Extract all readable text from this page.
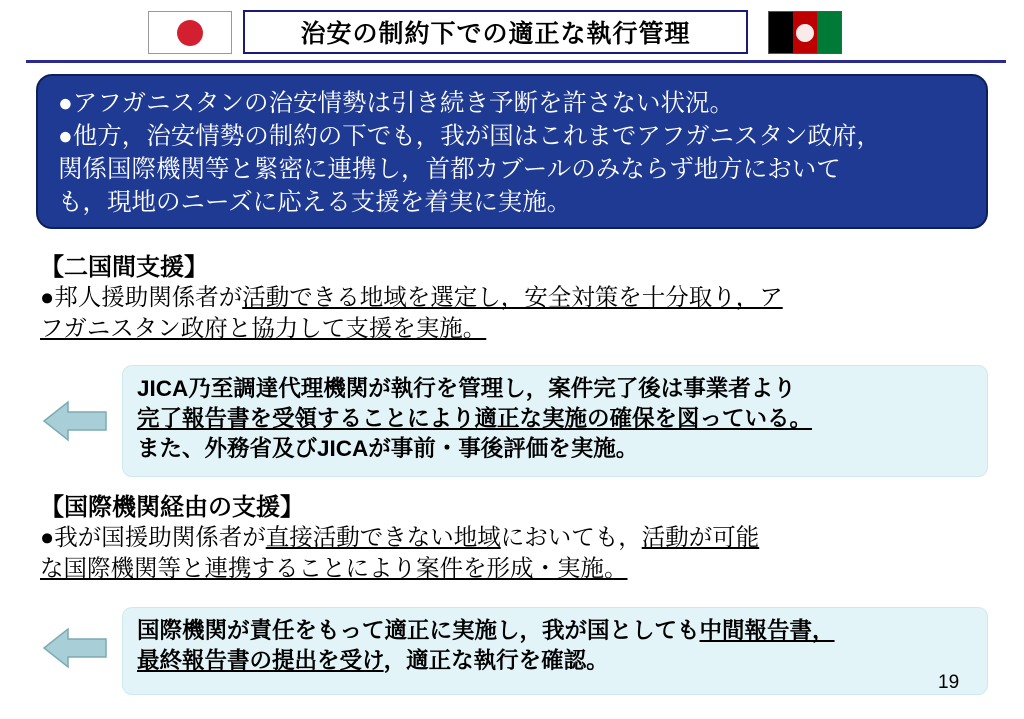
治安の制約下での適正な執行管理

●アフガニスタンの治安情勢は引き続き予断を許さない状況。

●他方，治安情勢の制約の下でも，我が国はこれまでアフガニスタン政府，

関係国際機関等と緊密に連携し，首都カブールのみならず地方において

も，現地のニーズに応える支援を着実に実施。

【二国間支援】
●邦人援助関係者が活動できる地域を選定し，安全対策を十分取り，ア
フガニスタン政府と協力して支援を実施。

JICA乃至調達代理機関が執行を管理し，案件完了後は事業者より

完了報告書を受領することにより適正な実施の確保を図っている。

また、外務省及びJICAが事前・事後評価を実施。

【国際機関経由の支援】
●我が国援助関係者が直接活動できない地域においても，活動が可能
な国際機関等と連携することにより案件を形成・実施。

国際機関が責任をもって適正に実施し，我が国としても中間報告書，

最終報告書の提出を受け，適正な執行を確認。

19
